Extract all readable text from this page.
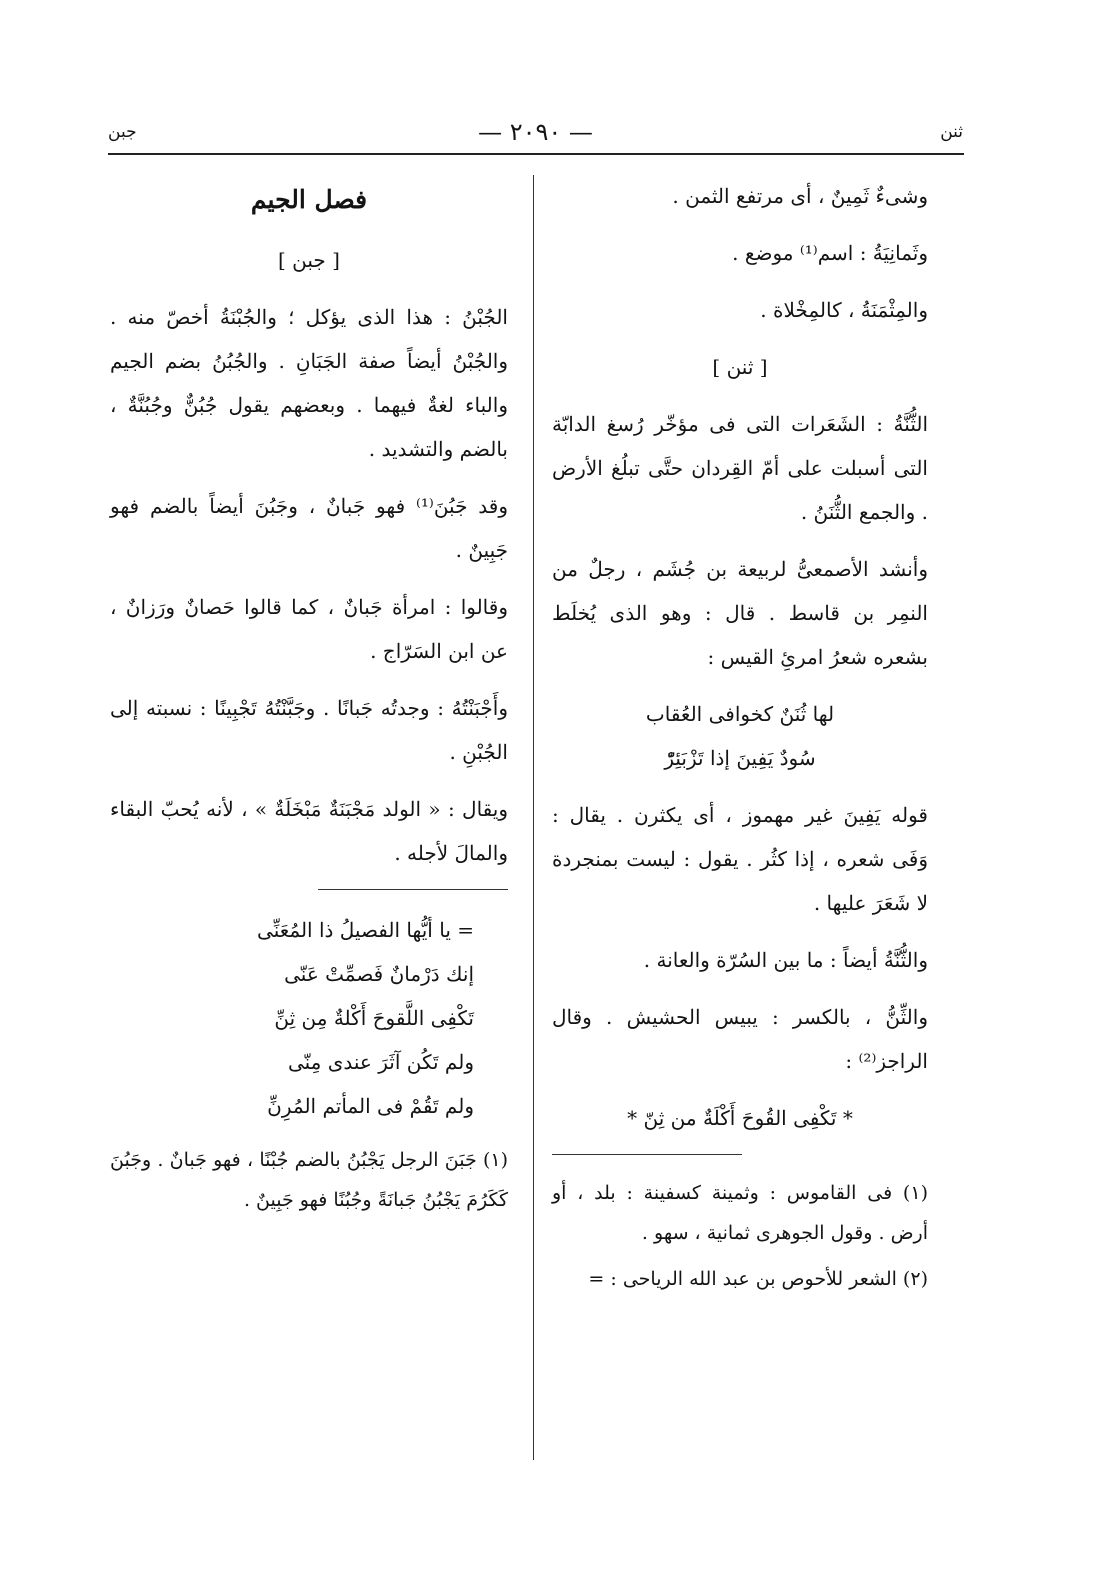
ثنن
— ٢٠٩٠ —
جبن

وشىءٌ ثَمِينٌ ، أى مرتفع الثمن .

وثَمانِيَةُ : اسم⁽¹⁾ موضع .

والمِثْمَنَةُ ، كالمِخْلاة .

[ ثنن ]

الثُّنَّةُ : الشَعَرات التى فى مؤخّر رُسغ الدابّة التى أسبلت على أمّ القِردان حتَّى تبلُغ الأرض . والجمع الثُّنَنُ .

وأنشد الأصمعىُّ لربيعة بن جُشَم ، رجلٌ من النمِر بن قاسط . قال : وهو الذى يُخلَط بشعره شعرُ امرئِ القيس :

لها ثُنَنٌ كخوافى العُقاب
سُودٌ يَفِينَ إذا تَزْبَئِرّْ

قوله يَفِينَ غير مهموز ، أى يكثرن . يقال : وَفَى شعره ، إذا كثُر . يقول : ليست بمنجردة لا شَعَرَ عليها .

والثُّنَّةُ أيضاً : ما بين السُرّة والعانة .

والثِّنُّ ، بالكسر : يبيس الحشيش . وقال الراجز⁽²⁾ :

* تَكْفِى القُوحَ أَكْلَةٌ من ثِنّ *

(١) فى القاموس : وثمينة كسفينة : بلد ، أو أرض . وقول الجوهرى ثمانية ، سهو .

(٢) الشعر للأحوص بن عبد الله الرياحى : =

فصل الجيم
[ جبن ]

الجُبْنُ : هذا الذى يؤكل ؛ والجُبْنَةُ أخصّ منه . والجُبْنُ أيضاً صفة الجَبَانِ . والجُبُنُ بضم الجيم والباء لغةٌ فيهما . وبعضهم يقول جُبُنٌّ وجُبُنَّةٌ ، بالضم والتشديد .

وقد جَبُنَ⁽¹⁾ فهو جَبانٌ ، وجَبُنَ أيضاً بالضم فهو جَبِينٌ .

وقالوا : امرأة جَبانٌ ، كما قالوا حَصانٌ ورَزانٌ ، عن ابن السَرّاج .

وأَجْبَنْتُهُ : وجدتُه جَبانًا . وجَبَّنْتُهُ تَجْبِينًا : نسبته إلى الجُبْنِ .

ويقال : « الولد مَجْبَنَةٌ مَبْخَلَةٌ » ، لأنه يُحبّ البقاء والمالَ لأجله .

= يا أيُّها الفصيلُ ذا المُعَنِّى
إنك دَرْمانٌ فَصمِّتْ عَنّى
تَكْفِى اللَّقوحَ أَكْلةٌ مِن ثِنِّ
ولم تَكُن آثَرَ عندى مِنّى
ولم تَقُمْ فى المأتم المُرِنِّ

(١) جَبَنَ الرجل يَجْبُنُ بالضم جُبْنًا ، فهو جَبانٌ . وجَبُنَ كَكَرُمَ يَجْبُنُ جَبانَةً وجُبُنًا فهو جَبِينٌ .
